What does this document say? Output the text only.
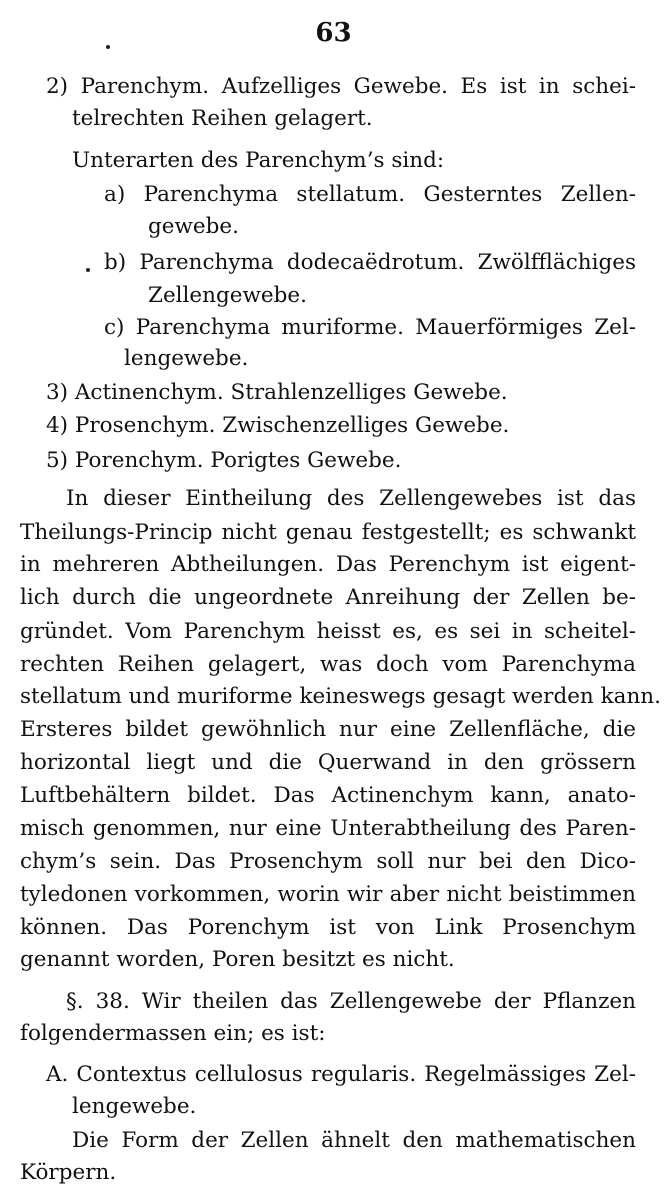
63
2) Parenchym. Aufzelliges Gewebe. Es ist in schei-
telrechten Reihen gelagert.
Unterarten des Parenchym’s sind:
a) Parenchyma stellatum. Gesterntes Zellen-
gewebe.
b) Parenchyma dodecaëdrotum. Zwölfflächiges
Zellengewebe.
c) Parenchyma muriforme. Mauerförmiges Zel-
lengewebe.
3) Actinenchym. Strahlenzelliges Gewebe.
4) Prosenchym. Zwischenzelliges Gewebe.
5) Porenchym. Porigtes Gewebe.
In dieser Eintheilung des Zellengewebes ist das
Theilungs-Princip nicht genau festgestellt; es schwankt
in mehreren Abtheilungen. Das Perenchym ist eigent-
lich durch die ungeordnete Anreihung der Zellen be-
gründet. Vom Parenchym heisst es, es sei in scheitel-
rechten Reihen gelagert, was doch vom Parenchyma
stellatum und muriforme keineswegs gesagt werden kann.
Ersteres bildet gewöhnlich nur eine Zellenfläche, die
horizontal liegt und die Querwand in den grössern
Luftbehältern bildet. Das Actinenchym kann, anato-
misch genommen, nur eine Unterabtheilung des Paren-
chym’s sein. Das Prosenchym soll nur bei den Dico-
tyledonen vorkommen, worin wir aber nicht beistimmen
können. Das Porenchym ist von Link Prosenchym
genannt worden, Poren besitzt es nicht.
§. 38. Wir theilen das Zellengewebe der Pflanzen
folgendermassen ein; es ist:
A. Contextus cellulosus regularis. Regelmässiges Zel-
lengewebe.
Die Form der Zellen ähnelt den mathematischen
Körpern.
